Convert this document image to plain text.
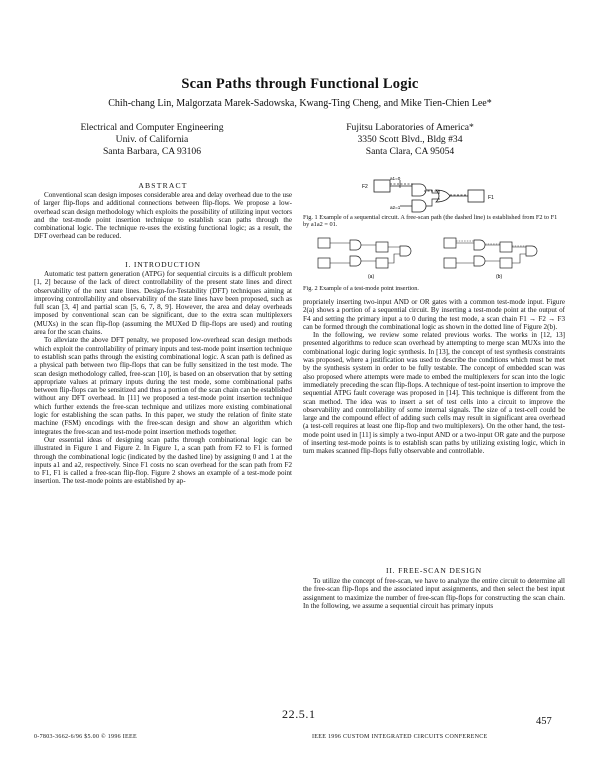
Scan Paths through Functional Logic
Chih-chang Lin, Malgorzata Marek-Sadowska, Kwang-Ting Cheng, and Mike Tien-Chien Lee*
Electrical and Computer Engineering
Univ. of California
Santa Barbara, CA 93106
Fujitsu Laboratories of America*
3350 Scott Blvd., Bldg #34
Santa Clara, CA 95054
ABSTRACT

Conventional scan design imposes considerable area and delay overhead due to the use of larger flip-flops and additional connections between flip-flops. We propose a low-overhead scan design methodology which exploits the possibility of utilizing input vectors and the test-mode point insertion technique to establish scan paths through the combinational logic. The technique re-uses the existing functional logic; as a result, the DFT overhead can be reduced.

I. INTRODUCTION

Automatic test pattern generation (ATPG) for sequential circuits is a difficult problem [1, 2] because of the lack of direct controllability of the present state lines and direct observability of the next state lines. Design-for-Testability (DFT) techniques aiming at improving controllability and observability of the state lines have been proposed, such as full scan [3, 4] and partial scan [5, 6, 7, 8, 9]. However, the area and delay overheads imposed by conventional scan can be significant, due to the extra scan multiplexers (MUXs) in the scan flip-flop (assuming the MUXed D flip-flops are used) and routing area for the scan chains.

To alleviate the above DFT penalty, we proposed low-overhead scan design methods which exploit the controllability of primary inputs and test-mode point insertion technique to establish scan paths through the existing combinational logic. A scan path is defined as a physical path between two flip-flops that can be fully sensitized in the test mode. The scan design methodology called, free-scan [10], is based on an observation that by setting appropriate values at primary inputs during the test mode, some combinational paths between flip-flops can be sensitized and thus a portion of the scan chain can be established without any DFT overhead. In [11] we proposed a test-mode point insertion technique which further extends the free-scan technique and utilizes more existing combinational logic for establishing the scan paths. In this paper, we study the relation of finite state machine (FSM) encodings with the free-scan design and show an algorithm which integrates the free-scan and test-mode point insertion methods together.

Our essential ideas of designing scan paths through combinational logic can be illustrated in Figure 1 and Figure 2. In Figure 1, a scan path from F2 to F1 is formed through the combinational logic (indicated by the dashed line) by assigning 0 and 1 at the inputs a1 and a2, respectively. Since F1 costs no scan overhead for the scan path from F2 to F1, F1 is called a free-scan flip-flop. Figure 2 shows an example of a test-mode point insertion. The test-mode points are established by ap-

F2
a1=0
a2=1
F1
Fig. 1 Example of a sequential circuit. A free-scan path (the dashed line) is established from F2 to F1 by a1a2 = 01.
(a)	(b)
Fig. 2 Example of a test-mode point insertion.

propriately inserting two-input AND or OR gates with a common test-mode input. Figure 2(a) shows a portion of a sequential circuit. By inserting a test-mode point at the output of F4 and setting the primary input a to 0 during the test mode, a scan chain F1 → F2 → F3 can be formed through the combinational logic as shown in the dotted line of Figure 2(b).

In the following, we review some related previous works. The works in [12, 13] presented algorithms to reduce scan overhead by attempting to merge scan MUXs into the combinational logic during logic synthesis. In [13], the concept of test synthesis constraints was proposed, where a justification was used to describe the conditions which must be met by the synthesis system in order to be fully testable. The concept of embedded scan was also proposed where attempts were made to embed the multiplexers for scan into the logic immediately preceding the scan flip-flops. A technique of test-point insertion to improve the sequential ATPG fault coverage was proposed in [14]. This technique is different from the scan method. The idea was to insert a set of test cells into a circuit to improve the observability and controllability of some internal signals. The size of a test-cell could be large and the compound effect of adding such cells may result in significant area overhead (a test-cell requires at least one flip-flop and two multiplexers). On the other hand, the test-mode point used in [11] is simply a two-input AND or a two-input OR gate and the purpose of inserting test-mode points is to establish scan paths by utilizing existing logic, which in turn makes scanned flip-flops fully observable and controllable.

II. FREE-SCAN DESIGN

To utilize the concept of free-scan, we have to analyze the entire circuit to determine all the free-scan flip-flops and the associated input assignments, and then select the best input assignment to maximize the number of free-scan flip-flops for constructing the scan chain. In the following, we assume a sequential circuit has primary inputs

22.5.1
457
0-7803-3662-6/96 $5.00 © 1996 IEEE	IEEE 1996 CUSTOM INTEGRATED CIRCUITS CONFERENCE
